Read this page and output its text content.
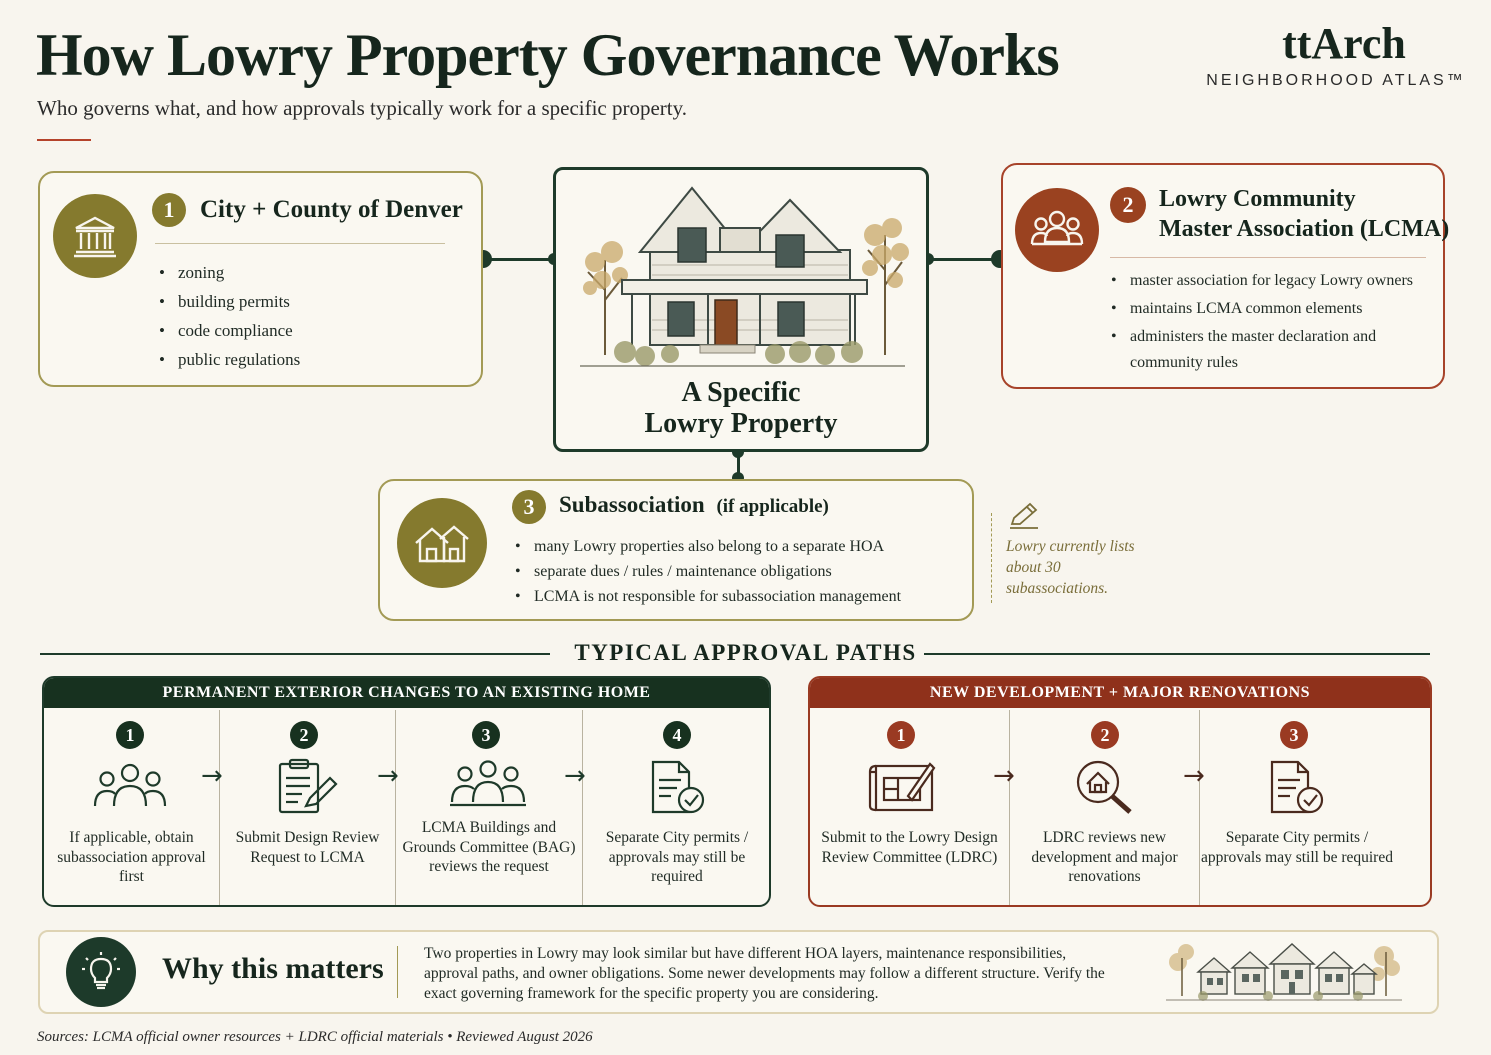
How Lowry Property Governance Works
Who governs what, and how approvals typically work for a specific property.
ttArch
NEIGHBORHOOD ATLAS™
1	City + County of Denver
• zoning
• building permits
• code compliance
• public regulations
A Specific
Lowry Property
2	Lowry Community
Master Association (LCMA)
• master association for legacy Lowry owners
• maintains LCMA common elements
• administers the master declaration and community rules
3	Subassociation (if applicable)
• many Lowry properties also belong to a separate HOA
• separate dues / rules / maintenance obligations
• LCMA is not responsible for subassociation management
Lowry currently lists about 30 subassociations.
TYPICAL APPROVAL PATHS
PERMANENT EXTERIOR CHANGES TO AN EXISTING HOME
1
If applicable, obtain subassociation approval first
→
2
Submit Design Review Request to LCMA
→
3
LCMA Buildings and Grounds Committee (BAG) reviews the request
→
4
Separate City permits / approvals may still be required
NEW DEVELOPMENT + MAJOR RENOVATIONS
1
Submit to the Lowry Design Review Committee (LDRC)
→
2
LDRC reviews new development and major renovations
→
3
Separate City permits / approvals may still be required
Why this matters	Two properties in Lowry may look similar but have different HOA layers, maintenance responsibilities, approval paths, and owner obligations. Some newer developments may follow a different structure. Verify the exact governing framework for the specific property you are considering.
Sources: LCMA official owner resources + LDRC official materials • Reviewed August 2026
